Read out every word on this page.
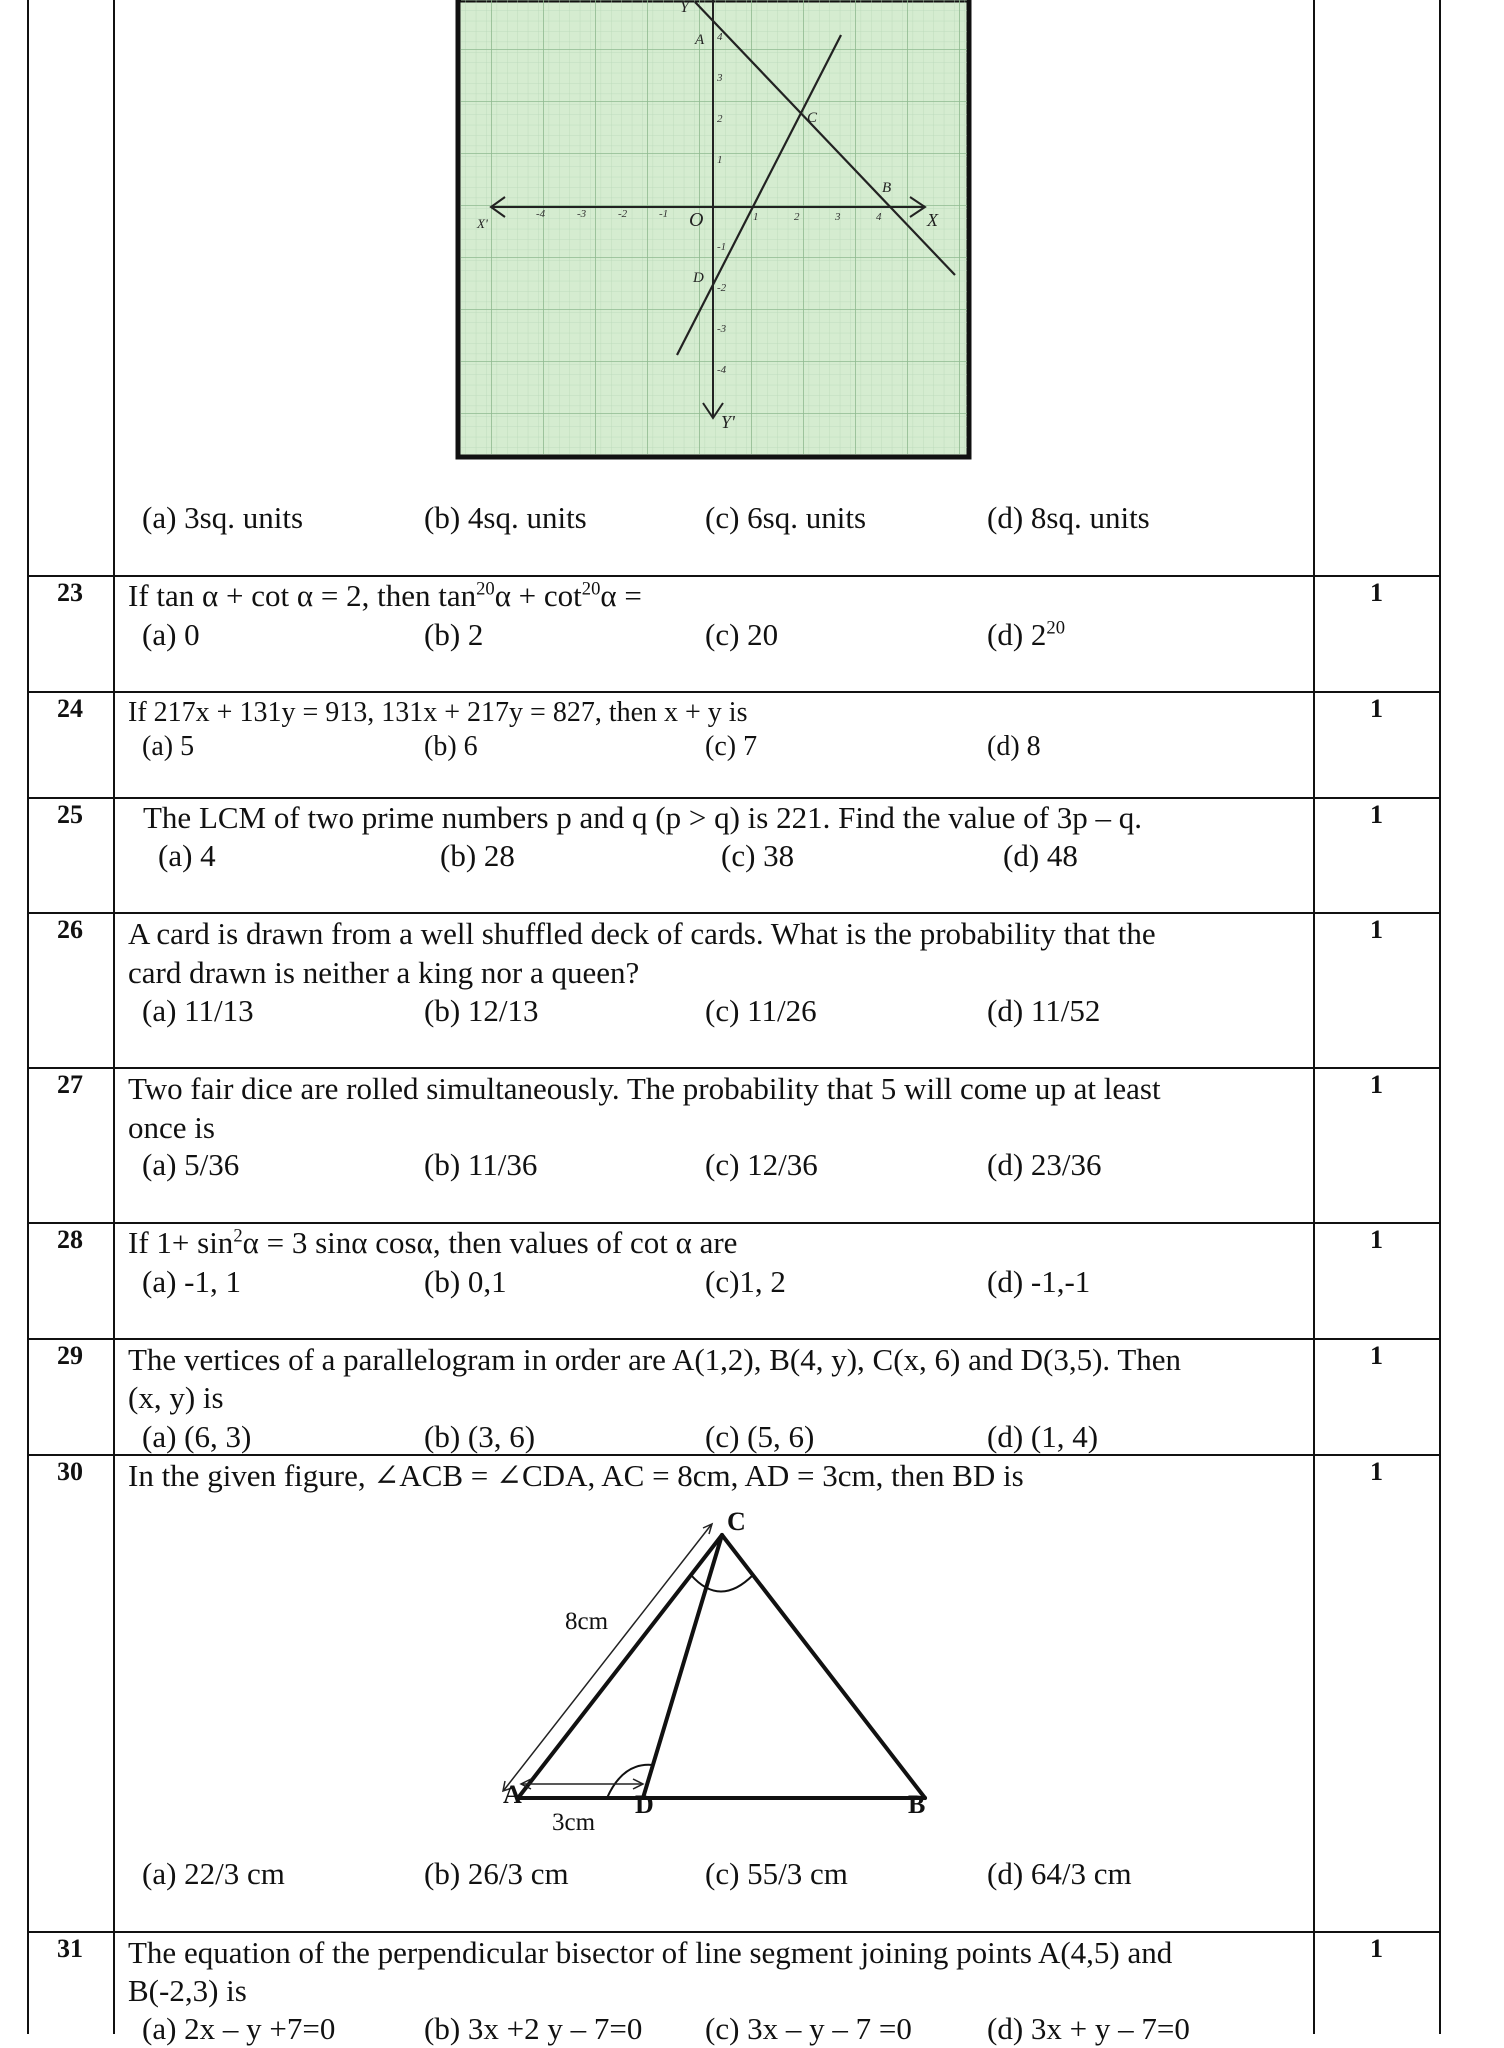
A
C
B
D
O	X
X'
Y
Y'
-4	-3	-2	-1	1	2	3	4
4
3
2
1
-1
-2
-3
-4
(a) 3sq. units	(b) 4sq. units	(c) 6sq. units	(d) 8sq. units
23	1
If tan α + cot α = 2, then $\tan^{20}\alpha + \cot^{20}\alpha$ =
(a) 0	(b) 2	(c) 20	(d) $2^{20}$
24	1
If 217x + 131y = 913, 131x + 217y = 827, then x + y is
(a) 5	(b) 6	(c) 7	(d) 8
25	1
The LCM of two prime numbers p and q (p > q) is 221. Find the value of 3p – q.
(a) 4	(b) 28	(c) 38	(d) 48
26	1
A card is drawn from a well shuffled deck of cards. What is the probability that the
card drawn is neither a king nor a queen?
(a) 11/13	(b) 12/13	(c) 11/26	(d) 11/52
27	1
Two fair dice are rolled simultaneously. The probability that 5 will come up at least
once is
(a) 5/36	(b) 11/36	(c) 12/36	(d) 23/36
28	1
If $1+ \sin^2\alpha = 3$ sinα cosα, then values of cot α are
(a) -1, 1	(b) 0,1	(c)1, 2	(d) -1,-1
29	1
The vertices of a parallelogram in order are A(1,2), B(4, y), C(x, 6) and D(3,5). Then
(x, y) is
(a) (6, 3)	(b) (3, 6)	(c) (5, 6)	(d) (1, 4)
30	1
In the given figure, ∠ACB = ∠CDA, AC = 8cm, AD = 3cm, then BD is
C
A	D	B
8cm
3cm
(a) 22/3 cm	(b) 26/3 cm	(c) 55/3 cm	(d) 64/3 cm
31	1
The equation of the perpendicular bisector of line segment joining points A(4,5) and
B(-2,3) is
(a) 2x – y +7=0	(b) 3x +2 y – 7=0 (c) 3x – y – 7 =0 (d) 3x + y – 7=0
